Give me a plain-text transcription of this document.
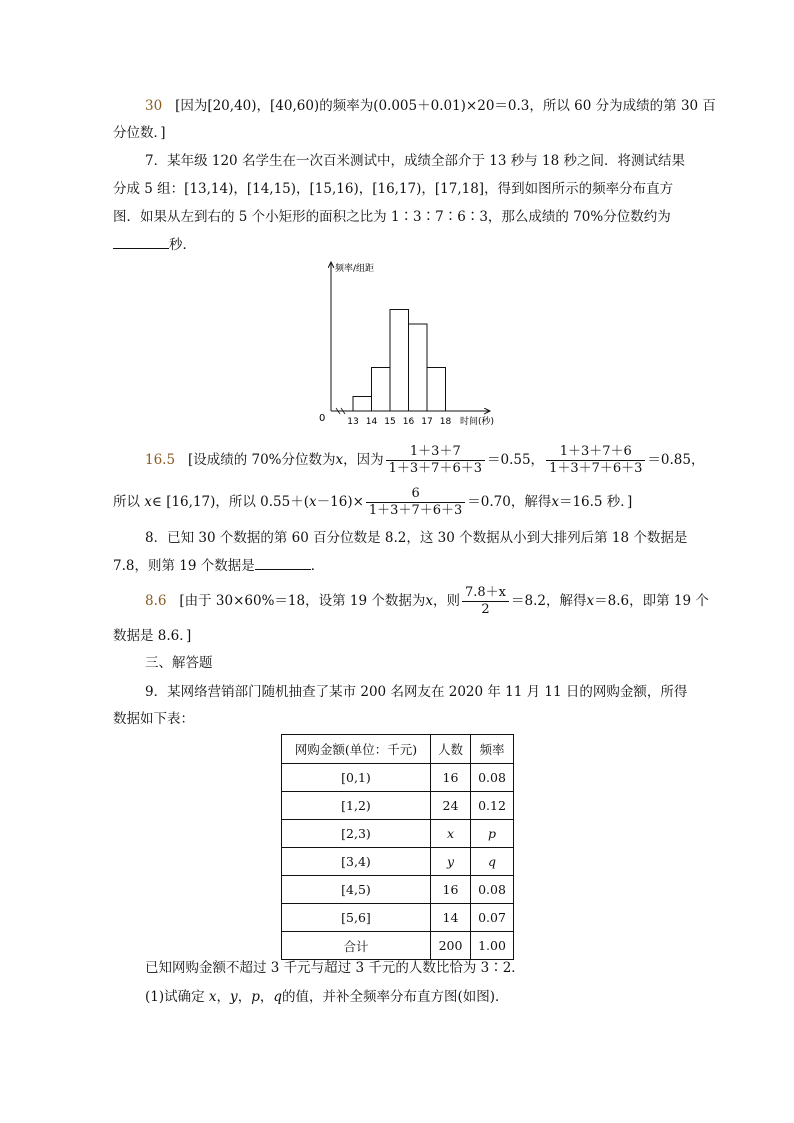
30 [因为[20,40)，[40,60)的频率为(0.005＋0.01)×20＝0.3，所以 60 分为成绩的第 30 百
分位数．]
7．某年级 120 名学生在一次百米测试中，成绩全部介于 13 秒与 18 秒之间．将测试结果
分成 5 组：[13,14)，[14,15)，[15,16)，[16,17)，[17,18]，得到如图所示的频率分布直方
图．如果从左到右的 5 个小矩形的面积之比为 1∶3∶7∶6∶3，那么成绩的 70%分位数约为
秒．
频率/组距
时间(秒)
0 13 14 15 16 17 18
16.5 [设成绩的 70%分位数为x，因为 $\frac{1+3+7}{1+3+7+6+3} =0.55$， $\frac{1+3+7+6}{1+3+7+6+3} =0.85$，
所以 x∈ [16,17)，所以 $0.55+(x-16)\times \frac{6}{1+3+7+6+3} =0.70$，解得x＝16.5 秒．]
8．已知 30 个数据的第 60 百分位数是 8.2，这 30 个数据从小到大排列后第 18 个数据是
7.8，则第 19 个数据是	．
8.6 [由于 30×60%＝18，设第 19 个数据为x，则 $\frac{7.8+x}{2} =8.2$，解得x＝8.6，即第 19 个
数据是 8.6．]
三、解答题
9．某网络营销部门随机抽查了某市 200 名网友在 2020 年 11 月 11 日的网购金额，所得
数据如下表：
网购金额(单位：千元)	人数	频率
[0,1)	16	0.08
[1,2)	24	0.12
[2,3)	x	p
[3,4)	y	q
[4,5)	16	0.08
[5,6]	14	0.07
合计	200	1.00
已知网购金额不超过 3 千元与超过 3 千元的人数比恰为 3∶2．
(1)试确定 x，y，p，q的值，并补全频率分布直方图(如图)．
